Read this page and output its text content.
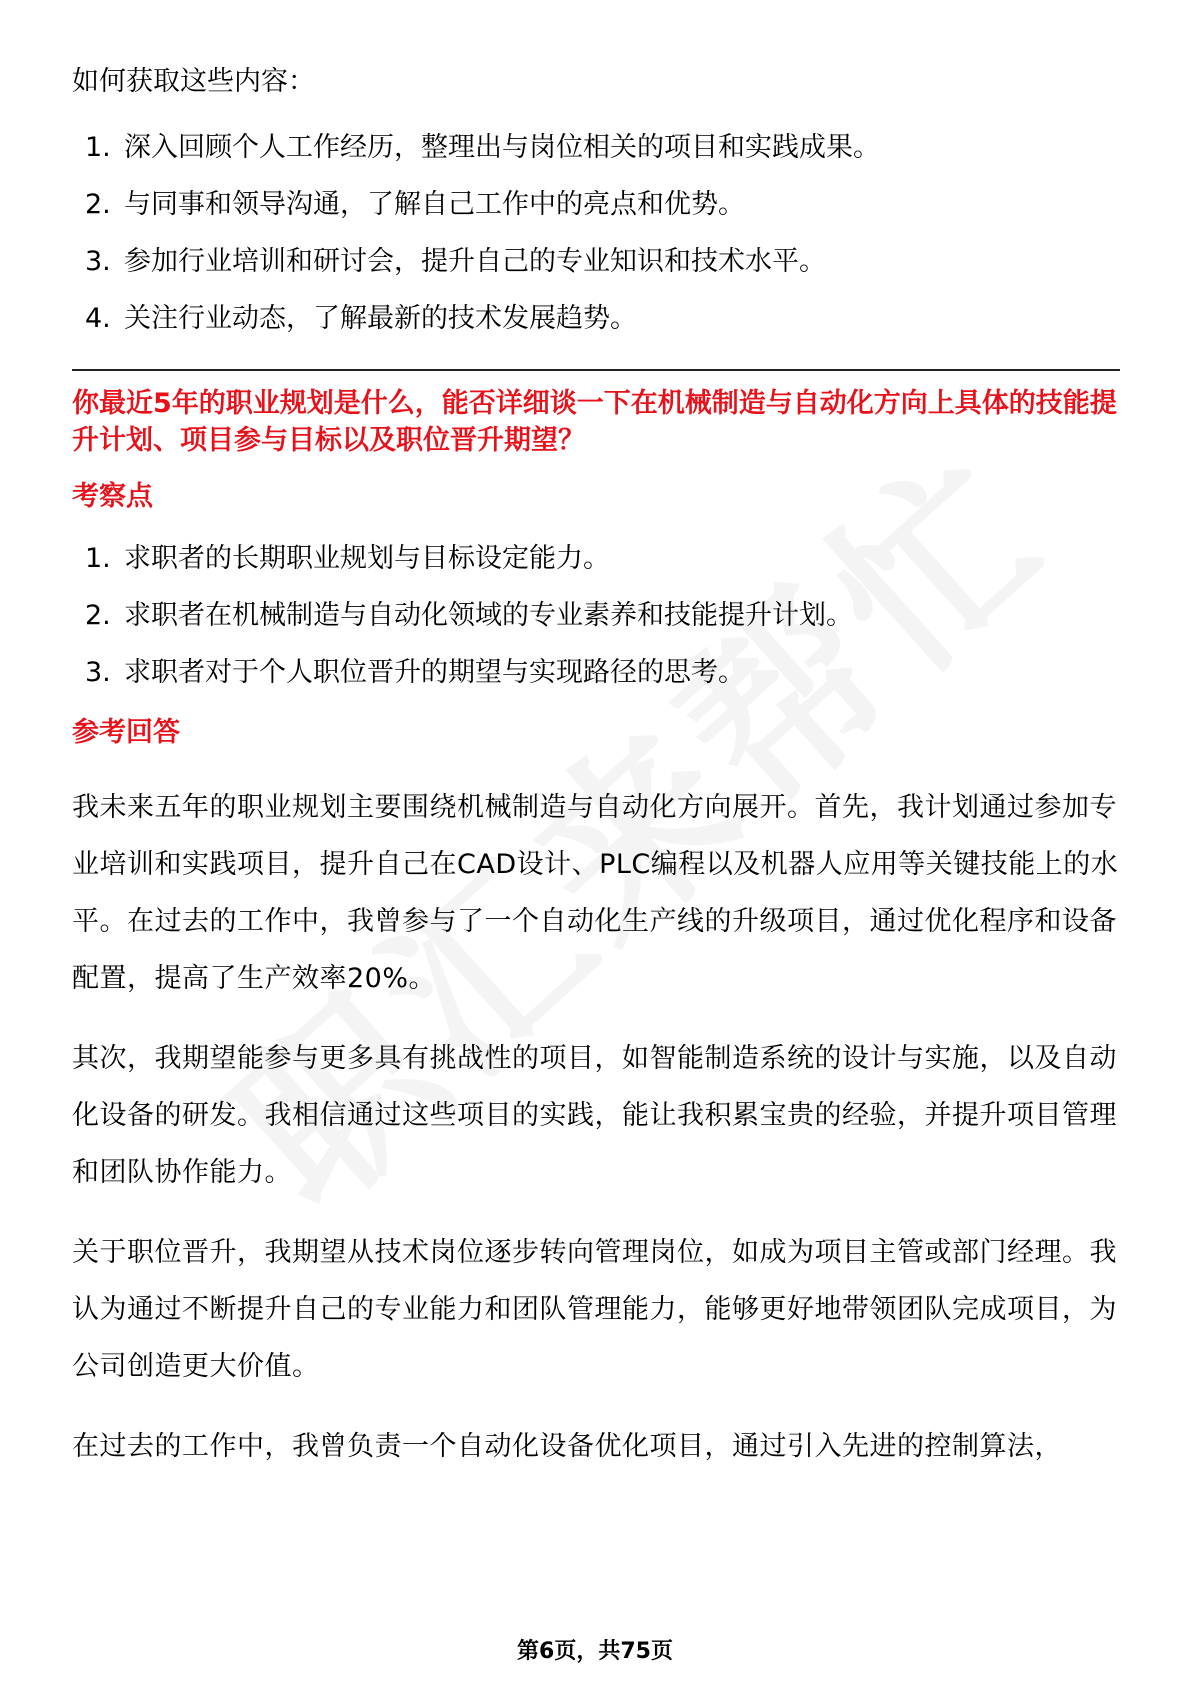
如何获取这些内容：

1. 深入回顾个人工作经历，整理出与岗位相关的项目和实践成果。
2. 与同事和领导沟通，了解自己工作中的亮点和优势。
3. 参加行业培训和研讨会，提升自己的专业知识和技术水平。
4. 关注行业动态，了解最新的技术发展趋势。

你最近5年的职业规划是什么，能否详细谈一下在机械制造与自动化方向上具体的技能提升计划、项目参与目标以及职位晋升期望？

考察点

1. 求职者的长期职业规划与目标设定能力。
2. 求职者在机械制造与自动化领域的专业素养和技能提升计划。
3. 求职者对于个人职位晋升的期望与实现路径的思考。

参考回答

我未来五年的职业规划主要围绕机械制造与自动化方向展开。首先，我计划通过参加专业培训和实践项目，提升自己在CAD设计、PLC编程以及机器人应用等关键技能上的水平。在过去的工作中，我曾参与了一个自动化生产线的升级项目，通过优化程序和设备配置，提高了生产效率20%。

其次，我期望能参与更多具有挑战性的项目，如智能制造系统的设计与实施，以及自动化设备的研发。我相信通过这些项目的实践，能让我积累宝贵的经验，并提升项目管理和团队协作能力。

关于职位晋升，我期望从技术岗位逐步转向管理岗位，如成为项目主管或部门经理。我认为通过不断提升自己的专业能力和团队管理能力，能够更好地带领团队完成项目，为公司创造更大价值。

在过去的工作中，我曾负责一个自动化设备优化项目，通过引入先进的控制算法，

第6页，共75页
